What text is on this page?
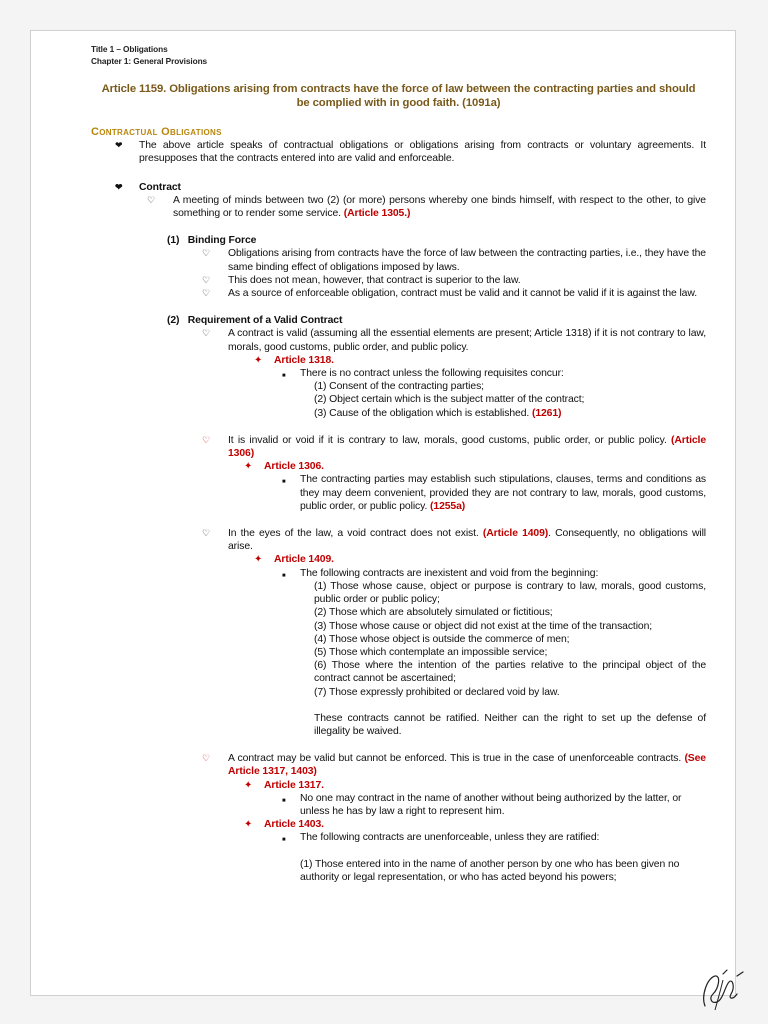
Title 1 – Obligations
Chapter 1: General Provisions
Article 1159. Obligations arising from contracts have the force of law between the contracting parties and should be complied with in good faith. (1091a)
Contractual Obligations
❤ The above article speaks of contractual obligations or obligations arising from contracts or voluntary agreements. It presupposes that the contracts entered into are valid and enforceable.
❤ Contract
♡ A meeting of minds between two (2) (or more) persons whereby one binds himself, with respect to the other, to give something or to render some service. (Article 1305.)
(1) Binding Force
♡ Obligations arising from contracts have the force of law between the contracting parties, i.e., they have the same binding effect of obligations imposed by laws.
♡ This does not mean, however, that contract is superior to the law.
♡ As a source of enforceable obligation, contract must be valid and it cannot be valid if it is against the law.
(2) Requirement of a Valid Contract
♡ A contract is valid (assuming all the essential elements are present; Article 1318) if it is not contrary to law, morals, good customs, public order, and public policy.
✦ Article 1318.
■ There is no contract unless the following requisites concur:
(1) Consent of the contracting parties;
(2) Object certain which is the subject matter of the contract;
(3) Cause of the obligation which is established. (1261)
♡ It is invalid or void if it is contrary to law, morals, good customs, public order, or public policy. (Article 1306)
✦ Article 1306.
■ The contracting parties may establish such stipulations, clauses, terms and conditions as they may deem convenient, provided they are not contrary to law, morals, good customs, public order, or public policy. (1255a)
♡ In the eyes of the law, a void contract does not exist. (Article 1409). Consequently, no obligations will arise.
✦ Article 1409.
■ The following contracts are inexistent and void from the beginning:
(1) Those whose cause, object or purpose is contrary to law, morals, good customs, public order or public policy;
(2) Those which are absolutely simulated or fictitious;
(3) Those whose cause or object did not exist at the time of the transaction;
(4) Those whose object is outside the commerce of men;
(5) Those which contemplate an impossible service;
(6) Those where the intention of the parties relative to the principal object of the contract cannot be ascertained;
(7) Those expressly prohibited or declared void by law.
These contracts cannot be ratified. Neither can the right to set up the defense of illegality be waived.
♡ A contract may be valid but cannot be enforced. This is true in the case of unenforceable contracts. (See Article 1317, 1403)
✦ Article 1317.
■ No one may contract in the name of another without being authorized by the latter, or unless he has by law a right to represent him.
✦ Article 1403.
■ The following contracts are unenforceable, unless they are ratified:
(1) Those entered into in the name of another person by one who has been given no authority or legal representation, or who has acted beyond his powers;
